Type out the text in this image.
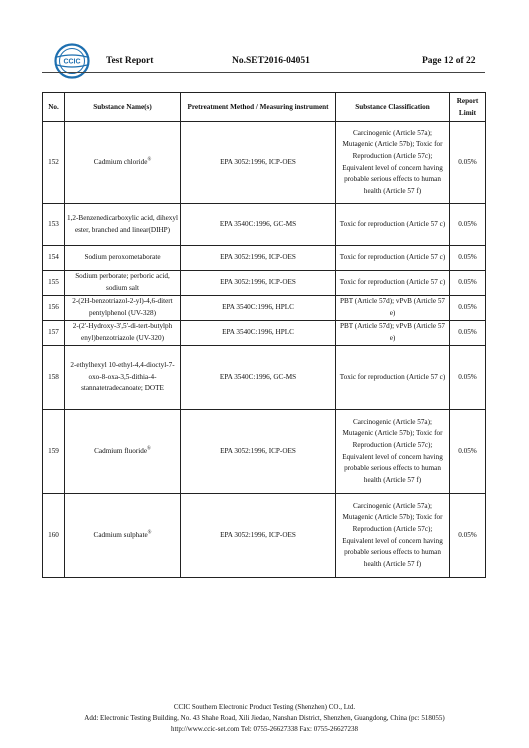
CCIC	Test Report	No.SET2016-04051	Page 12 of 22
No.	Substance Name(s)	Pretreatment Method / Measuring instrument	Substance Classification	Report Limit
152	Cadmium chloride®	EPA 3052:1996, ICP-OES	Carcinogenic (Article 57a); Mutagenic (Article 57b); Toxic for Reproduction (Article 57c); Equivalent level of concern having probable serious effects to human health (Article 57 f)	0.05%
153	1,2-Benzenedicarboxylic acid, dihexyl ester, branched and linear(DIHP)	EPA 3540C:1996, GC-MS	Toxic for reproduction (Article 57 c)	0.05%
154	Sodium peroxometaborate	EPA 3052:1996, ICP-OES	Toxic for reproduction (Article 57 c)	0.05%
155	Sodium perborate; perboric acid, sodium salt	EPA 3052:1996, ICP-OES	Toxic for reproduction (Article 57 c)	0.05%
156	2-(2H-benzotriazol-2-yl)-4,6-ditert pentylphenol (UV-328)	EPA 3540C:1996, HPLC	PBT (Article 57d); vPvB (Article 57 e)	0.05%
157	2-(2'-Hydroxy-3',5'-di-tert-butylph enyl)benzotriazole (UV-320)	EPA 3540C:1996, HPLC	PBT (Article 57d); vPvB (Article 57 e)	0.05%
158	2-ethylhexyl 10-ethyl-4,4-dioctyl-7-oxo-8-oxa-3,5-dithia-4-stannatetradecanoate; DOTE	EPA 3540C:1996, GC-MS	Toxic for reproduction (Article 57 c)	0.05%
159	Cadmium fluoride®	EPA 3052:1996, ICP-OES	Carcinogenic (Article 57a); Mutagenic (Article 57b); Toxic for Reproduction (Article 57c); Equivalent level of concern having probable serious effects to human health (Article 57 f)	0.05%
160	Cadmium sulphate®	EPA 3052:1996, ICP-OES	Carcinogenic (Article 57a); Mutagenic (Article 57b); Toxic for Reproduction (Article 57c); Equivalent level of concern having probable serious effects to human health (Article 57 f)	0.05%
CCIC Southern Electronic Product Testing (Shenzhen) CO., Ltd.
Add: Electronic Testing Building, No. 43 Shahe Road, Xili Jiedao, Nanshan District, Shenzhen, Guangdong, China (pc: 518055)
http://www.ccic-set.com Tel: 0755-26627338 Fax: 0755-26627238
